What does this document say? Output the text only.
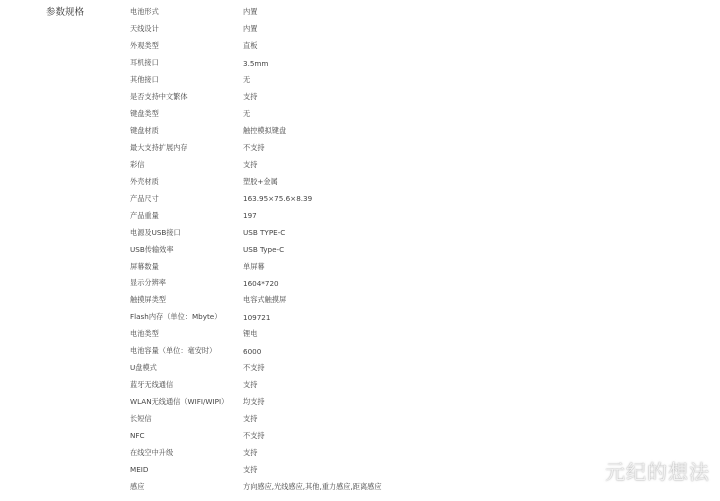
参数规格	电池形式	内置
天线设计	内置
外观类型	直板
耳机接口	3.5mm
其他接口	无
是否支持中文繁体	支持
键盘类型	无
键盘材质	触控模拟键盘
最大支持扩展内存	不支持
彩信	支持
外壳材质	塑胶+金属
产品尺寸	163.95×75.6×8.39
产品重量	197
电源及USB接口	USB TYPE-C
USB传输效率	USB Type-C
屏幕数量	单屏幕
显示分辨率	1604*720
触摸屏类型	电容式触摸屏
Flash内存（单位：Mbyte）	109721
电池类型	锂电
电池容量（单位：毫安时）	6000
U盘模式	不支持
蓝牙无线通信	支持
WLAN无线通信（WIFI/WIPI）	均支持
长短信	支持
NFC	不支持
在线空中升级	支持
MEID	支持
感应	方向感应,光线感应,其他,重力感应,距离感应
元纪的想法
